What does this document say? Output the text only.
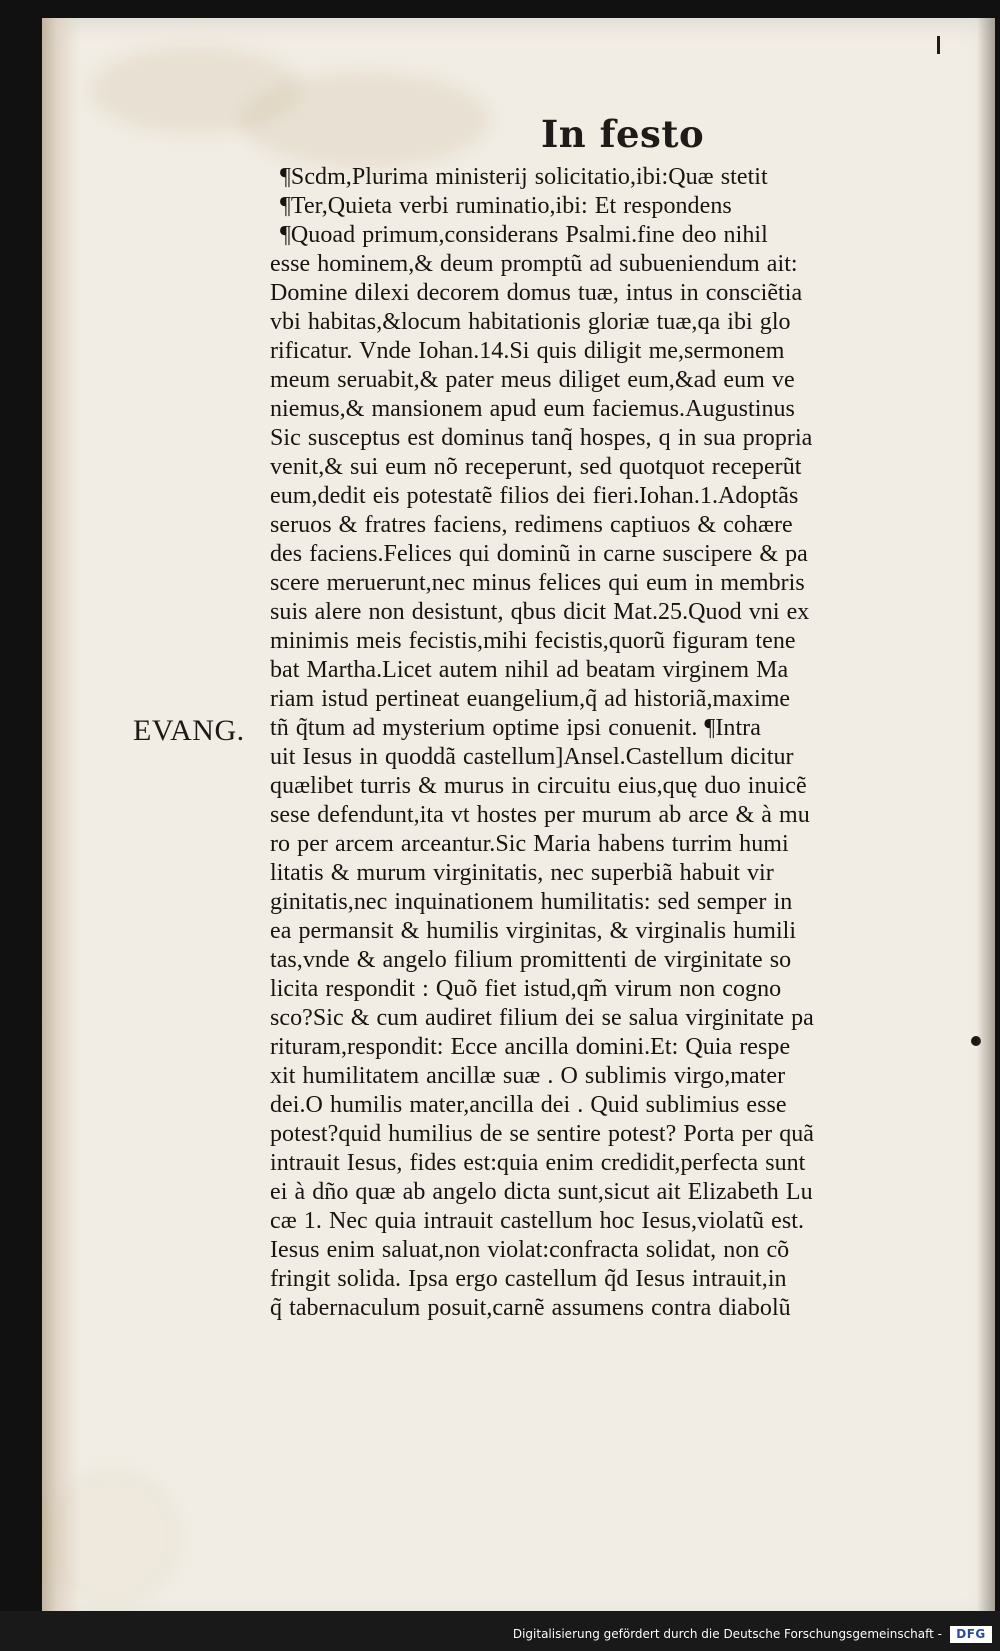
In festo
EVANG.
¶Scdm,Plurima ministerij solicitatio,ibi:Quæ stetit
¶Ter,Quieta verbi ruminatio,ibi: Et respondens
¶Quoad primum,considerans Psalmi.fine deo nihil
esse hominem,& deum promptũ ad subueniendum ait:
Domine dilexi decorem domus tuæ, intus in consciẽtia
vbi habitas,&locum habitationis gloriæ tuæ,qa ibi glo
rificatur. Vnde Iohan.14.Si quis diligit me,sermonem
meum seruabit,& pater meus diliget eum,&ad eum ve
niemus,& mansionem apud eum faciemus.Augustinus
Sic susceptus est dominus tanq̃ hospes, q in sua propria
venit,& sui eum nõ receperunt, sed quotquot receperũt
eum,dedit eis potestatẽ filios dei fieri.Iohan.1.Adoptãs
seruos & fratres faciens, redimens captiuos & cohære
des faciens.Felices qui dominũ in carne suscipere & pa
scere meruerunt,nec minus felices qui eum in membris
suis alere non desistunt, qbus dicit Mat.25.Quod vni ex
minimis meis fecistis,mihi fecistis,quorũ figuram tene
bat Martha.Licet autem nihil ad beatam virginem Ma
riam istud pertineat euangelium,q̃ ad historiã,maxime
tñ q̃tum ad mysterium optime ipsi conuenit. ¶Intra
uit Iesus in quoddã castellum]Ansel.Castellum dicitur
quælibet turris & murus in circuitu eius,quę duo inuicẽ
sese defendunt,ita vt hostes per murum ab arce & à mu
ro per arcem arceantur.Sic Maria habens turrim humi
litatis & murum virginitatis, nec superbiã habuit vir
ginitatis,nec inquinationem humilitatis: sed semper in
ea permansit & humilis virginitas, & virginalis humili
tas,vnde & angelo filium promittenti de virginitate so
licita respondit : Quõ fiet istud,qm̃ virum non cogno
sco?Sic & cum audiret filium dei se salua virginitate pa
rituram,respondit: Ecce ancilla domini.Et: Quia respe
xit humilitatem ancillæ suæ . O sublimis virgo,mater
dei.O humilis mater,ancilla dei . Quid sublimius esse
potest?quid humilius de se sentire potest? Porta per quã
intrauit Iesus, fides est:quia enim credidit,perfecta sunt
ei à dño quæ ab angelo dicta sunt,sicut ait Elizabeth Lu
cæ 1. Nec quia intrauit castellum hoc Iesus,violatũ est.
Iesus enim saluat,non violat:confracta solidat, non cõ
fringit solida. Ipsa ergo castellum q̃d Iesus intrauit,in
q̃ tabernaculum posuit,carnẽ assumens contra diabolũ
Digitalisierung gefördert durch die Deutsche Forschungsgemeinschaft -	DFG
